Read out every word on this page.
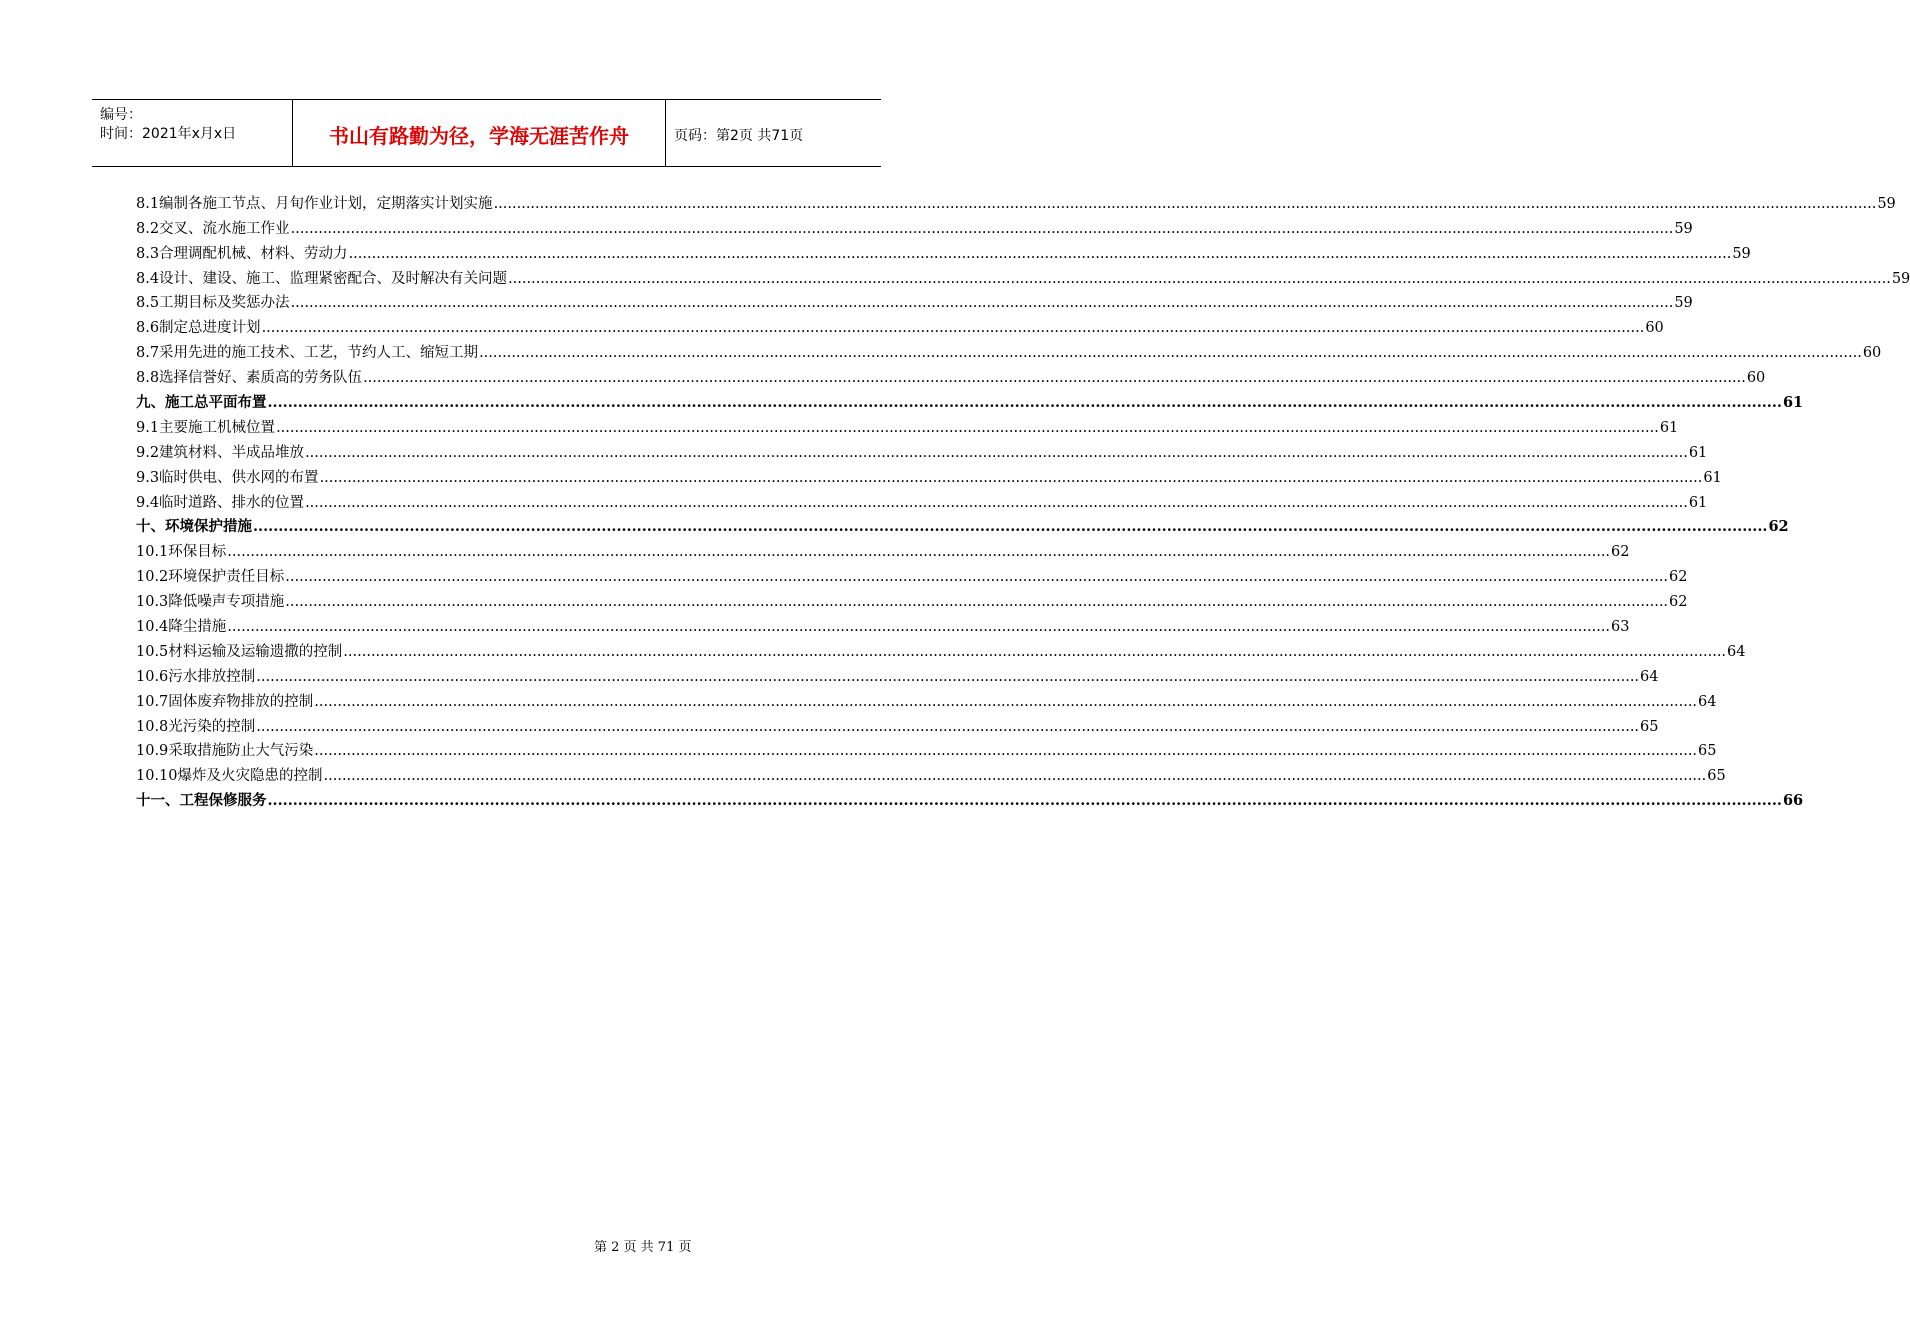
编号：
时间：2021年x月x日	书山有路勤为径，学海无涯苦作舟	页码：第2页 共71页
8.1编制各施工节点、月旬作业计划，定期落实计划实施 ............................................................................................................................................................................................................................................................................................................ 59
8.2交叉、流水施工作业 ............................................................................................................................................................................................................................................................................................................ 59
8.3合理调配机械、材料、劳动力 ............................................................................................................................................................................................................................................................................................................ 59
8.4设计、建设、施工、监理紧密配合、及时解决有关问题 ............................................................................................................................................................................................................................................................................................................ 59
8.5工期目标及奖惩办法 ............................................................................................................................................................................................................................................................................................................ 59
8.6制定总进度计划 ............................................................................................................................................................................................................................................................................................................ 60
8.7采用先进的施工技术、工艺，节约人工、缩短工期 ............................................................................................................................................................................................................................................................................................................ 60
8.8选择信誉好、素质高的劳务队伍 ............................................................................................................................................................................................................................................................................................................ 60
九、施工总平面布置 ............................................................................................................................................................................................................................................................................................................ 61
9.1主要施工机械位置 ............................................................................................................................................................................................................................................................................................................ 61
9.2建筑材料、半成品堆放 ............................................................................................................................................................................................................................................................................................................ 61
9.3临时供电、供水网的布置 ............................................................................................................................................................................................................................................................................................................ 61
9.4临时道路、排水的位置 ............................................................................................................................................................................................................................................................................................................ 61
十、环境保护措施 ............................................................................................................................................................................................................................................................................................................ 62
10.1环保目标 ............................................................................................................................................................................................................................................................................................................ 62
10.2环境保护责任目标 ............................................................................................................................................................................................................................................................................................................ 62
10.3降低噪声专项措施 ............................................................................................................................................................................................................................................................................................................ 62
10.4降尘措施 ............................................................................................................................................................................................................................................................................................................ 63
10.5材料运输及运输遗撒的控制 ............................................................................................................................................................................................................................................................................................................ 64
10.6污水排放控制 ............................................................................................................................................................................................................................................................................................................ 64
10.7固体废弃物排放的控制 ............................................................................................................................................................................................................................................................................................................ 64
10.8光污染的控制 ............................................................................................................................................................................................................................................................................................................ 65
10.9采取措施防止大气污染 ............................................................................................................................................................................................................................................................................................................ 65
10.10爆炸及火灾隐患的控制 ............................................................................................................................................................................................................................................................................................................ 65
十一、工程保修服务 ............................................................................................................................................................................................................................................................................................................ 66
第 2 页 共 71 页
